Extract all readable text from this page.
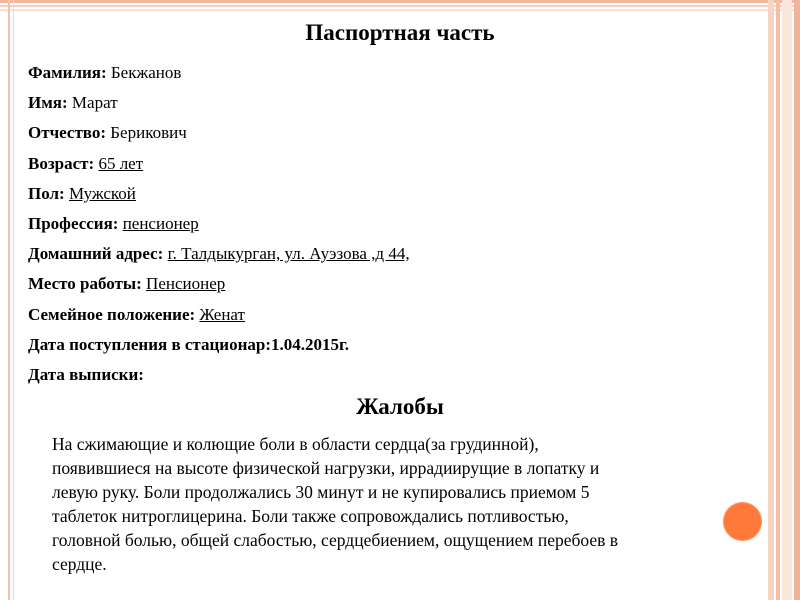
Паспортная часть
Фамилия: Бекжанов
Имя: Марат
Отчество: Берикович
Возраст: 65 лет
Пол: Мужской
Профессия: пенсионер
Домашний адрес: г. Талдыкурган, ул. Ауэзова ,д 44,
Место работы: Пенсионер
Семейное положение: Женат
Дата поступления в стационар:1.04.2015г.
Дата выписки:
Жалобы
На сжимающие и колющие боли в области сердца(за грудинной),
появившиеся на высоте физической нагрузки, иррадиирущие в лопатку и
левую руку. Боли продолжались 30 минут и не купировались приемом 5
таблеток нитроглицерина. Боли также сопровождались потливостью,
головной болью, общей слабостью, сердцебиением, ощущением перебоев в
сердце.
